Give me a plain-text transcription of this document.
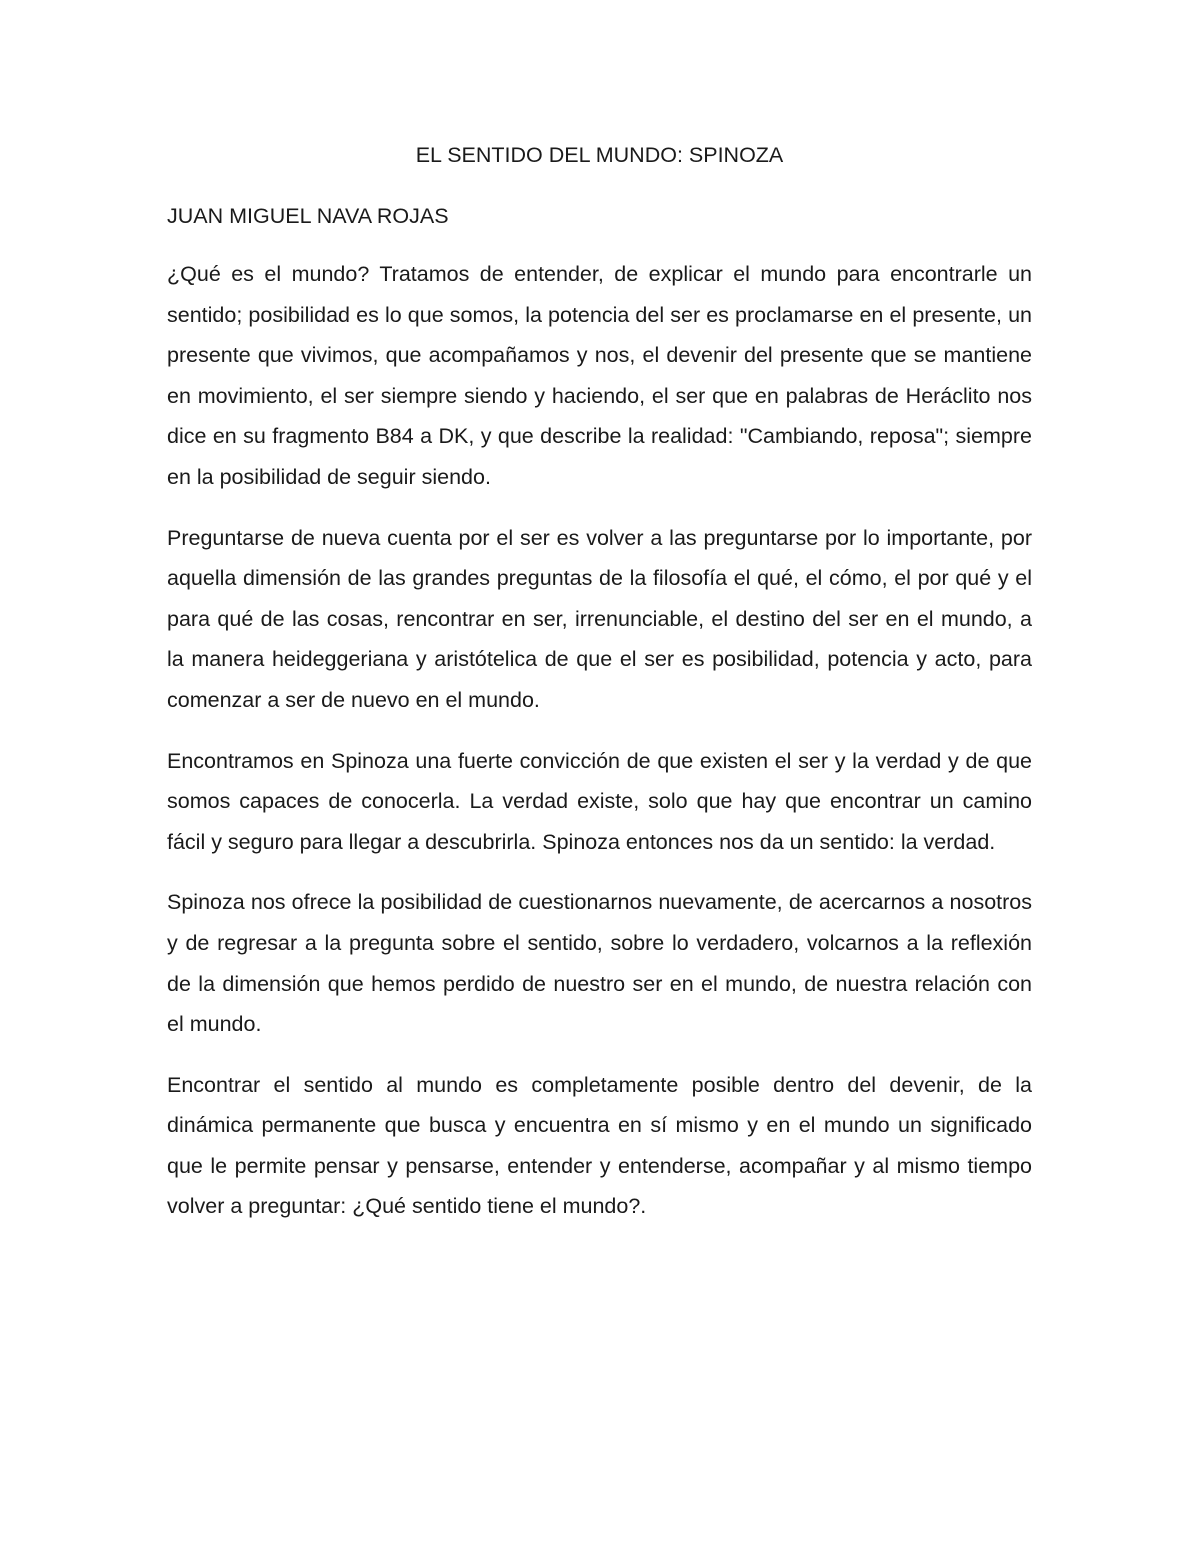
EL SENTIDO DEL MUNDO: SPINOZA
JUAN MIGUEL NAVA ROJAS

¿Qué es el mundo? Tratamos de entender, de explicar el mundo para encontrarle un sentido; posibilidad es lo que somos, la potencia del ser es proclamarse en el presente, un presente que vivimos, que acompañamos y nos, el devenir del presente que se mantiene en movimiento, el ser siempre siendo y haciendo, el ser que en palabras de Heráclito nos dice en su fragmento B84 a DK, y que describe la realidad: "Cambiando, reposa"; siempre en la posibilidad de seguir siendo.

Preguntarse de nueva cuenta por el ser es volver a las preguntarse por lo importante, por aquella dimensión de las grandes preguntas de la filosofía el qué, el cómo, el por qué y el para qué de las cosas, rencontrar en ser, irrenunciable, el destino del ser en el mundo, a la manera heideggeriana y aristótelica de que el ser es posibilidad, potencia y acto, para comenzar a ser de nuevo en el mundo.

Encontramos en Spinoza una fuerte convicción de que existen el ser y la verdad y de que somos capaces de conocerla. La verdad existe, solo que hay que encontrar un camino fácil y seguro para llegar a descubrirla. Spinoza entonces nos da un sentido: la verdad.

Spinoza nos ofrece la posibilidad de cuestionarnos nuevamente, de acercarnos a nosotros y de regresar a la pregunta sobre el sentido, sobre lo verdadero, volcarnos a la reflexión de la dimensión que hemos perdido de nuestro ser en el mundo, de nuestra relación con el mundo.

Encontrar el sentido al mundo es completamente posible dentro del devenir, de la dinámica permanente que busca y encuentra en sí mismo y en el mundo un significado que le permite pensar y pensarse, entender y entenderse, acompañar y al mismo tiempo volver a preguntar: ¿Qué sentido tiene el mundo?.
